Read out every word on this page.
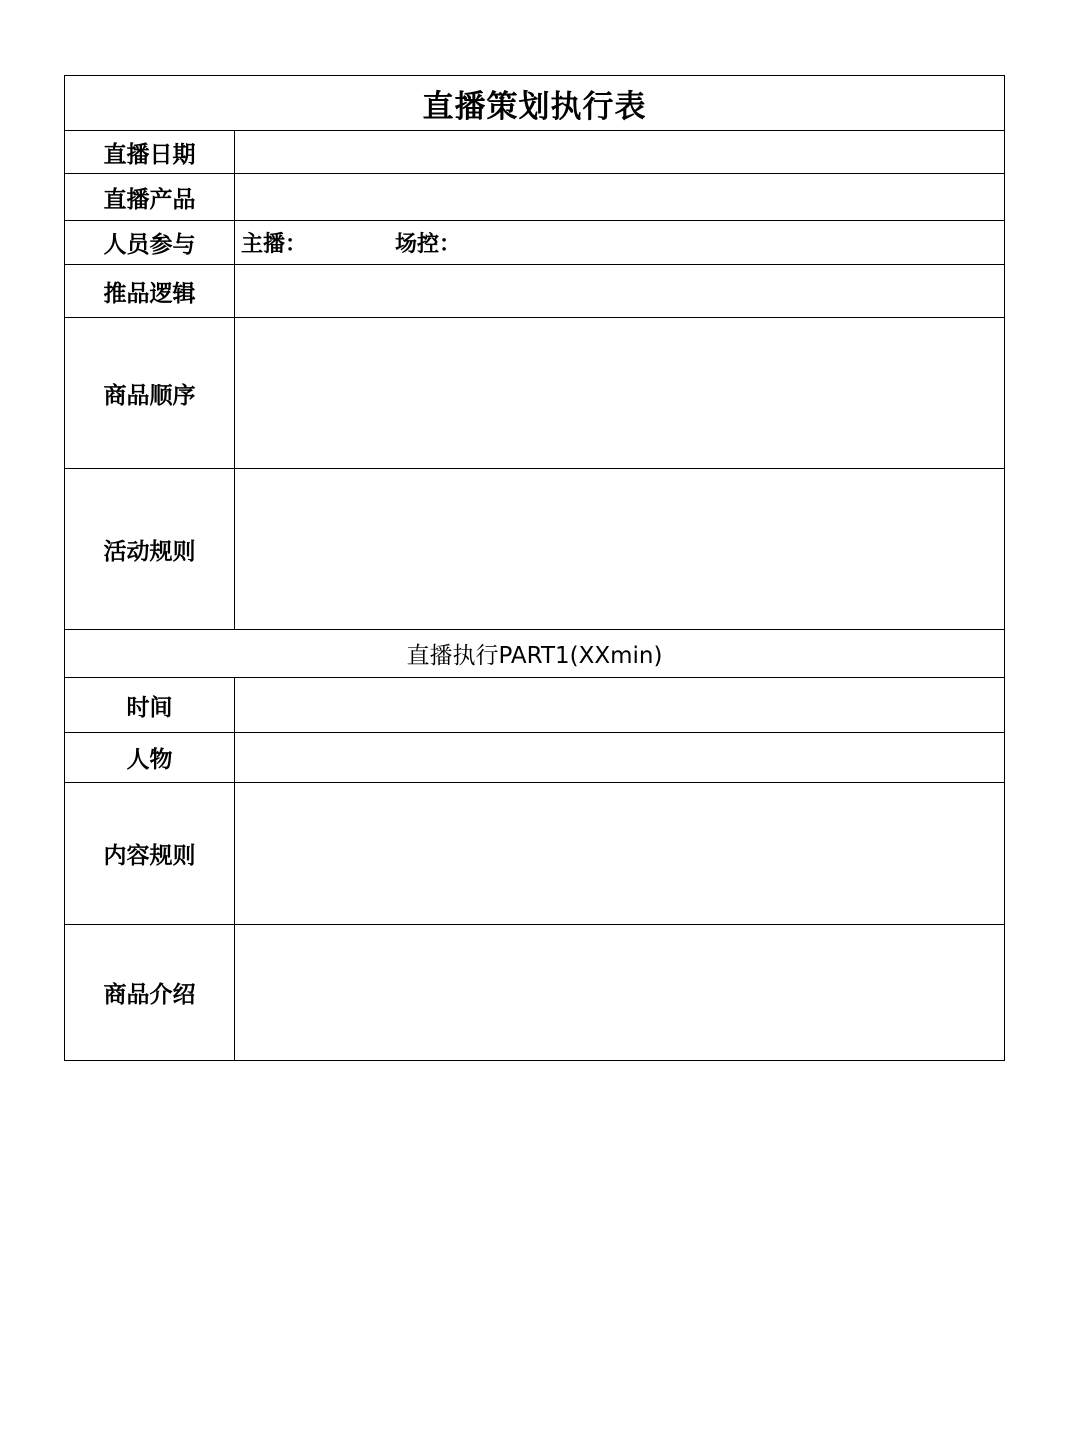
直播策划执行表	
直播日期	
直播产品	
人员参与	主播： 场控：
推品逻辑	
商品顺序	
活动规则	
直播执行PART1(XXmin)	
时间	
人物	
内容规则	
商品介绍	
